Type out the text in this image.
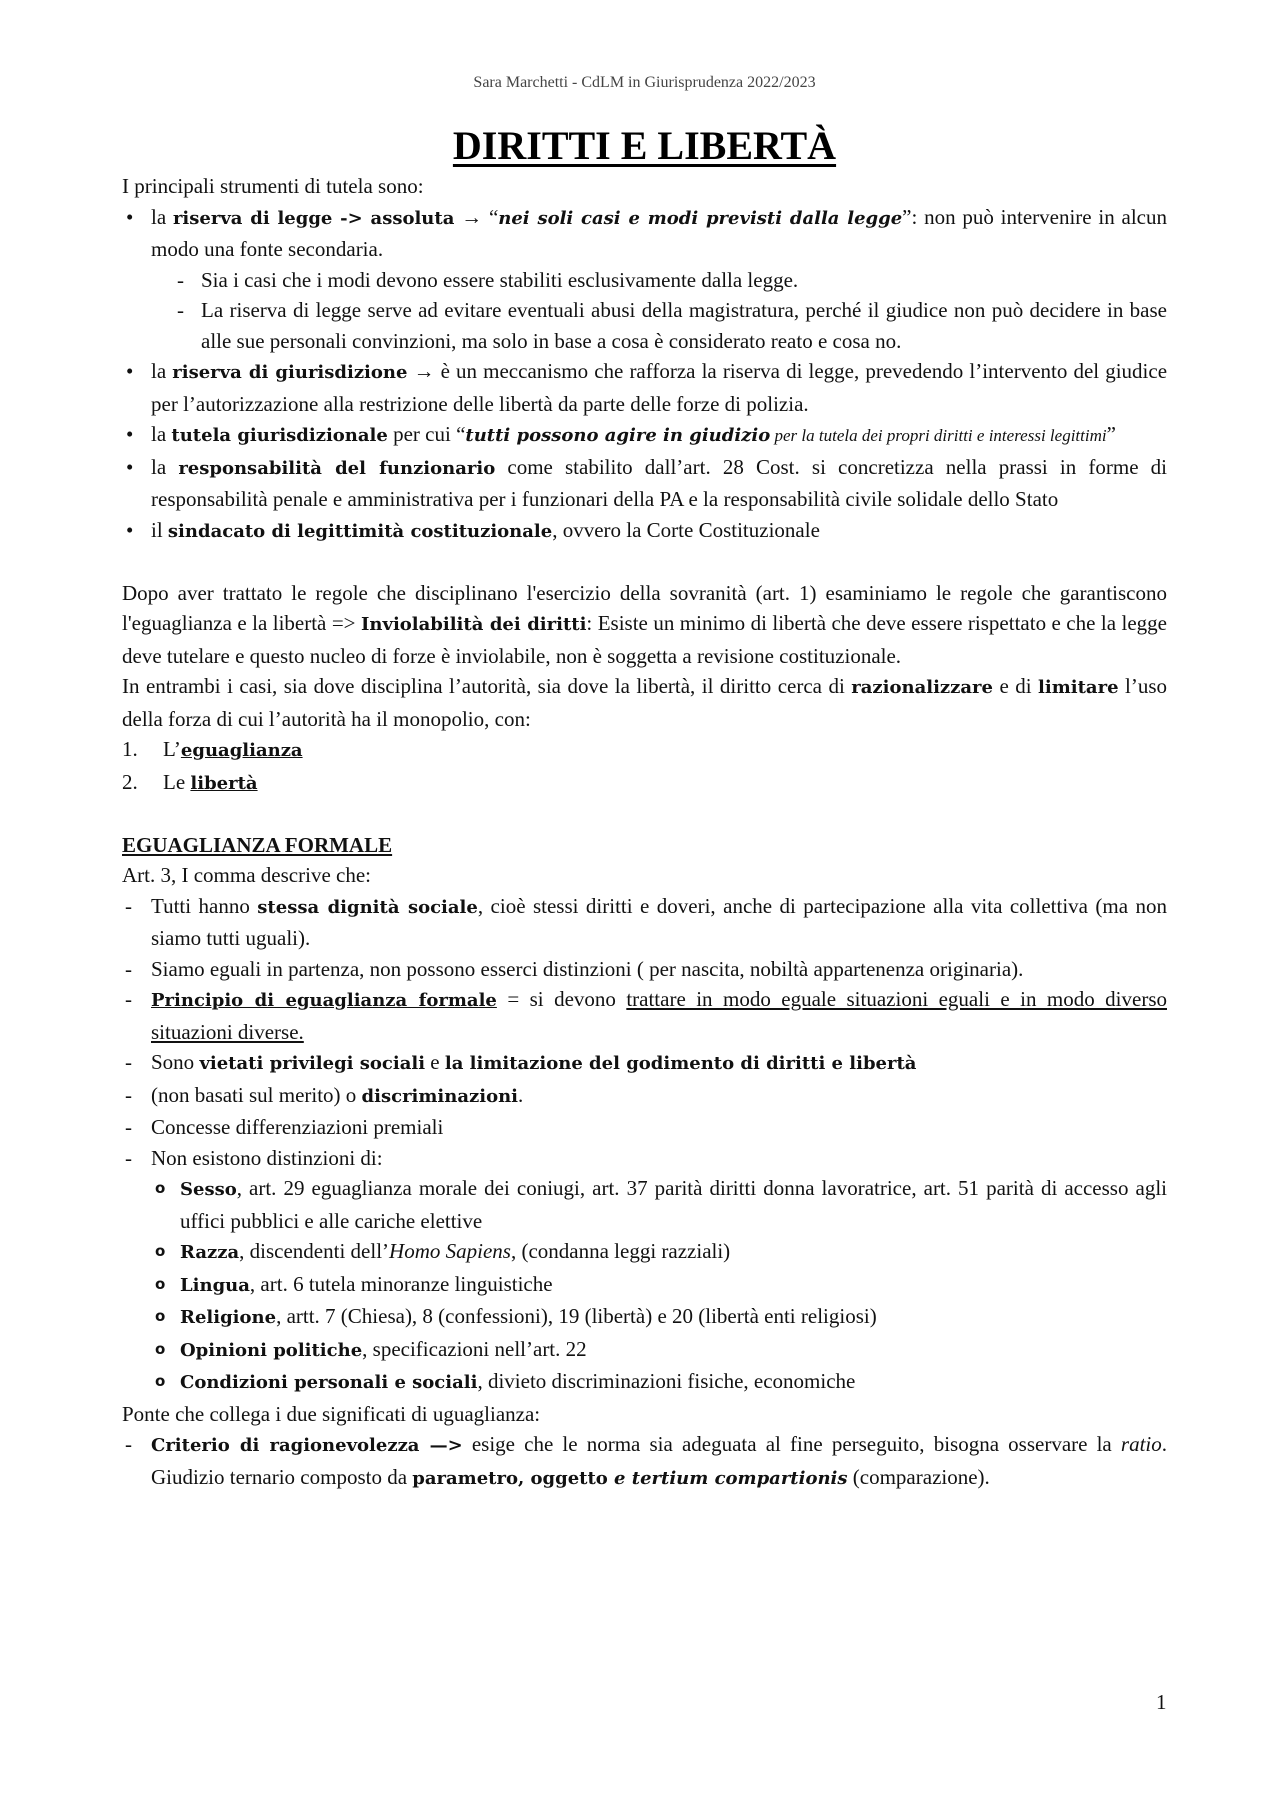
Sara Marchetti - CdLM in Giurisprudenza 2022/2023
DIRITTI E LIBERTÀ
I principali strumenti di tutela sono:
• la riserva di legge -> assoluta → “nei soli casi e modi previsti dalla legge”: non può intervenire in alcun modo una fonte secondaria.
- Sia i casi che i modi devono essere stabiliti esclusivamente dalla legge.
- La riserva di legge serve ad evitare eventuali abusi della magistratura, perché il giudice non può decidere in base alle sue personali convinzioni, ma solo in base a cosa è considerato reato e cosa no.
• la riserva di giurisdizione → è un meccanismo che rafforza la riserva di legge, prevedendo l’intervento del giudice per l’autorizzazione alla restrizione delle libertà da parte delle forze di polizia.
• la tutela giurisdizionale per cui “tutti possono agire in giudizio per la tutela dei propri diritti e interessi legittimi”
• la responsabilità del funzionario come stabilito dall’art. 28 Cost. si concretizza nella prassi in forme di responsabilità penale e amministrativa per i funzionari della PA e la responsabilità civile solidale dello Stato
• il sindacato di legittimità costituzionale, ovvero la Corte Costituzionale
Dopo aver trattato le regole che disciplinano l'esercizio della sovranità (art. 1) esaminiamo le regole che garantiscono l'eguaglianza e la libertà => Inviolabilità dei diritti: Esiste un minimo di libertà che deve essere rispettato e che la legge deve tutelare e questo nucleo di forze è inviolabile, non è soggetta a revisione costituzionale.
In entrambi i casi, sia dove disciplina l’autorità, sia dove la libertà, il diritto cerca di razionalizzare e di limitare l’uso della forza di cui l’autorità ha il monopolio, con:
1. L’eguaglianza
2. Le libertà
EGUAGLIANZA FORMALE
Art. 3, I comma descrive che:
- Tutti hanno stessa dignità sociale, cioè stessi diritti e doveri, anche di partecipazione alla vita collettiva (ma non siamo tutti uguali).
- Siamo eguali in partenza, non possono esserci distinzioni ( per nascita, nobiltà appartenenza originaria).
- Principio di eguaglianza formale = si devono trattare in modo eguale situazioni eguali e in modo diverso situazioni diverse.
- Sono vietati privilegi sociali e la limitazione del godimento di diritti e libertà
- (non basati sul merito) o discriminazioni.
- Concesse differenziazioni premiali
- Non esistono distinzioni di:
o Sesso, art. 29 eguaglianza morale dei coniugi, art. 37 parità diritti donna lavoratrice, art. 51 parità di accesso agli uffici pubblici e alle cariche elettive
o Razza, discendenti dell’Homo Sapiens, (condanna leggi razziali)
o Lingua, art. 6 tutela minoranze linguistiche
o Religione, artt. 7 (Chiesa), 8 (confessioni), 19 (libertà) e 20 (libertà enti religiosi)
o Opinioni politiche, specificazioni nell’art. 22
o Condizioni personali e sociali, divieto discriminazioni fisiche, economiche
Ponte che collega i due significati di uguaglianza:
- Criterio di ragionevolezza —> esige che le norma sia adeguata al fine perseguito, bisogna osservare la ratio. Giudizio ternario composto da parametro, oggetto e tertium compartionis (comparazione).
1
